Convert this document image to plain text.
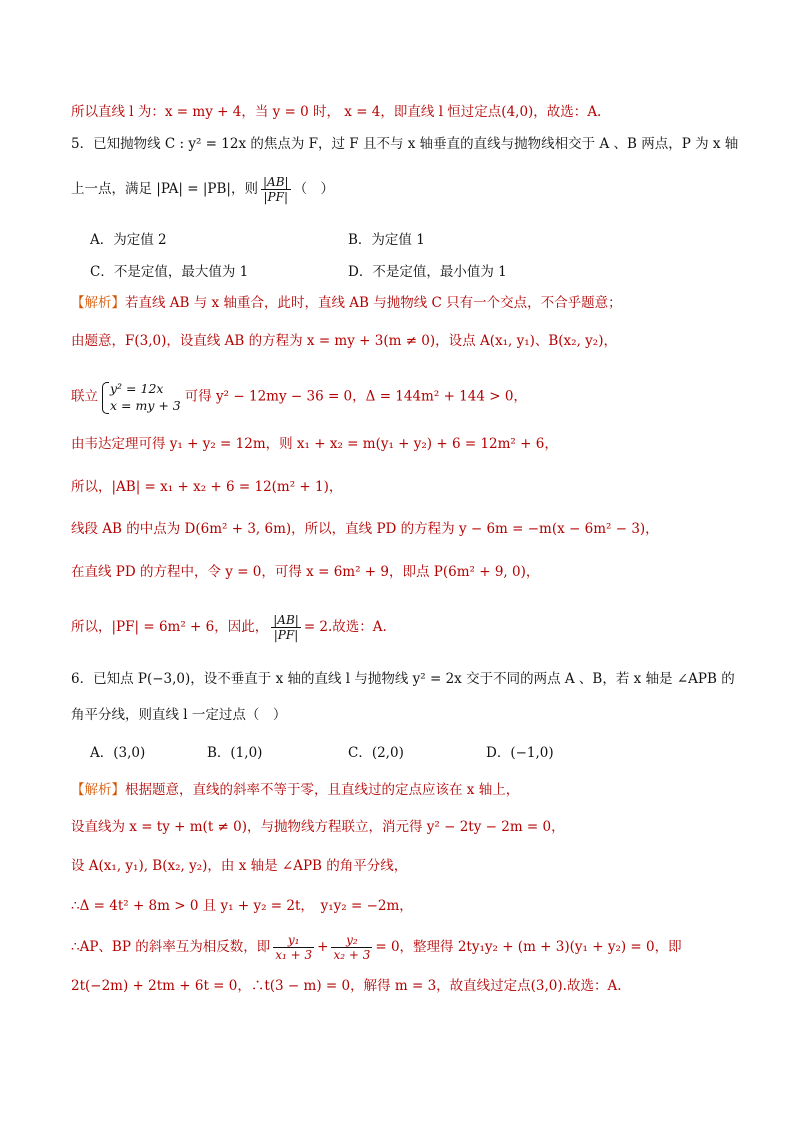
所以直线 l 为：x = my + 4，当 y = 0 时， x = 4，即直线 l 恒过定点(4,0)，故选：A.
5．已知抛物线 C : y² = 12x 的焦点为 F，过 F 且不与 x 轴垂直的直线与抛物线相交于 A 、B 两点，P 为 x 轴
上一点，满足 |PA| = |PB|，则 $\frac{|AB|}{|PF|}$ （　）
A．为定值 2	B．为定值 1
C．不是定值，最大值为 1	D．不是定值，最小值为 1
【解析】若直线 AB 与 x 轴重合，此时，直线 AB 与抛物线 C 只有一个交点，不合乎题意；
由题意，F(3,0)，设直线 AB 的方程为 x = my + 3(m ≠ 0)，设点 A(x₁, y₁)、B(x₂, y₂)，
联立 y² = 12x
x = my + 3
可得 y² − 12my − 36 = 0，Δ = 144m² + 144 > 0，
由韦达定理可得 y₁ + y₂ = 12m，则 x₁ + x₂ = m(y₁ + y₂) + 6 = 12m² + 6，
所以，|AB| = x₁ + x₂ + 6 = 12(m² + 1)，
线段 AB 的中点为 D(6m² + 3, 6m)，所以，直线 PD 的方程为 y − 6m = −m(x − 6m² − 3)，
在直线 PD 的方程中，令 y = 0，可得 x = 6m² + 9，即点 P(6m² + 9, 0)，
所以，|PF| = 6m² + 6，因此， $\frac{|AB|}{|PF|} = 2$.故选：A.
6．已知点 P(−3,0)，设不垂直于 x 轴的直线 l 与抛物线 y² = 2x 交于不同的两点 A 、B，若 x 轴是 ∠APB 的
角平分线，则直线 l 一定过点（　）
A．(3,0)	B．(1,0)	C．(2,0)	D．(−1,0)
【解析】根据题意，直线的斜率不等于零，且直线过的定点应该在 x 轴上，
设直线为 x = ty + m(t ≠ 0)，与抛物线方程联立，消元得 y² − 2ty − 2m = 0，
设 A(x₁, y₁), B(x₂, y₂)，由 x 轴是 ∠APB 的角平分线，
∴Δ = 4t² + 8m > 0 且 y₁ + y₂ = 2t，　y₁y₂ = −2m，
∴AP、BP 的斜率互为相反数，即 $\frac{\text{y₁}}{\text{x₁ + 3}} + \frac{\text{y₂}}{\text{x₂ + 3}} = 0$，整理得 2ty₁y₂ + (m + 3)(y₁ + y₂) = 0，即
2t(−2m) + 2tm + 6t = 0，∴t(3 − m) = 0，解得 m = 3，故直线过定点(3,0).故选：A.
